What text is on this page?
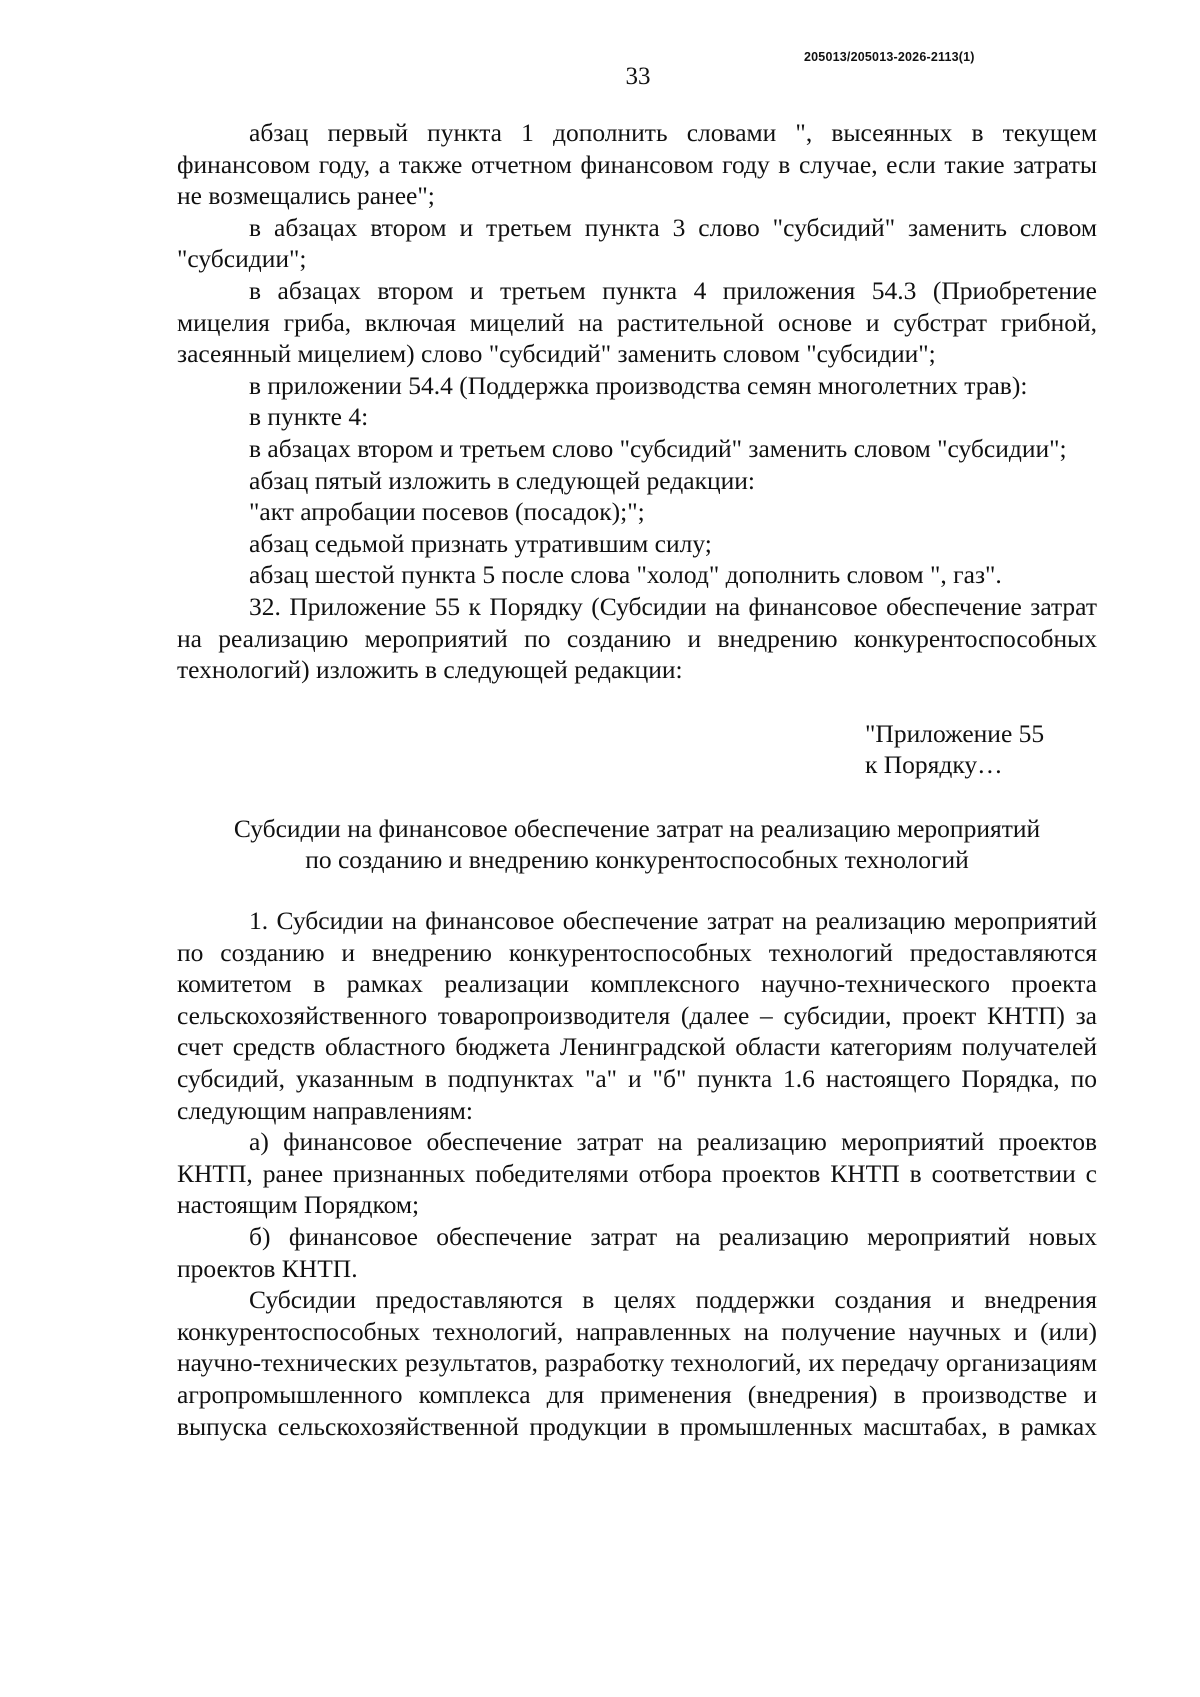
33
205013/205013-2026-2113(1)

абзац первый пункта 1 дополнить словами ", высеянных в текущем финансовом году, а также отчетном финансовом году в случае, если такие затраты не возмещались ранее";

в абзацах втором и третьем пункта 3 слово "субсидий" заменить словом "субсидии";

в абзацах втором и третьем пункта 4 приложения 54.3 (Приобретение мицелия гриба, включая мицелий на растительной основе и субстрат грибной, засеянный мицелием) слово "субсидий" заменить словом "субсидии";

в приложении 54.4 (Поддержка производства семян многолетних трав):

в пункте 4:

в абзацах втором и третьем слово "субсидий" заменить словом "субсидии";

абзац пятый изложить в следующей редакции:

"акт апробации посевов (посадок);";

абзац седьмой признать утратившим силу;

абзац шестой пункта 5 после слова "холод" дополнить словом ", газ".

32. Приложение 55 к Порядку (Субсидии на финансовое обеспечение затрат на реализацию мероприятий по созданию и внедрению конкурентоспособных технологий) изложить в следующей редакции:

"Приложение 55
к Порядку…
Субсидии на финансовое обеспечение затрат на реализацию мероприятий
по созданию и внедрению конкурентоспособных технологий

1. Субсидии на финансовое обеспечение затрат на реализацию мероприятий по созданию и внедрению конкурентоспособных технологий предоставляются комитетом в рамках реализации комплексного научно-технического проекта сельскохозяйственного товаропроизводителя (далее – субсидии, проект КНТП) за счет средств областного бюджета Ленинградской области категориям получателей субсидий, указанным в подпунктах "а" и "б" пункта 1.6 настоящего Порядка, по следующим направлениям:

а) финансовое обеспечение затрат на реализацию мероприятий проектов КНТП, ранее признанных победителями отбора проектов КНТП в соответствии с настоящим Порядком;

б) финансовое обеспечение затрат на реализацию мероприятий новых проектов КНТП.

Субсидии предоставляются в целях поддержки создания и внедрения конкурентоспособных технологий, направленных на получение научных и (или) научно-технических результатов, разработку технологий, их передачу организациям агропромышленного комплекса для применения (внедрения) в производстве и выпуска сельскохозяйственной продукции в промышленных масштабах, в рамках
